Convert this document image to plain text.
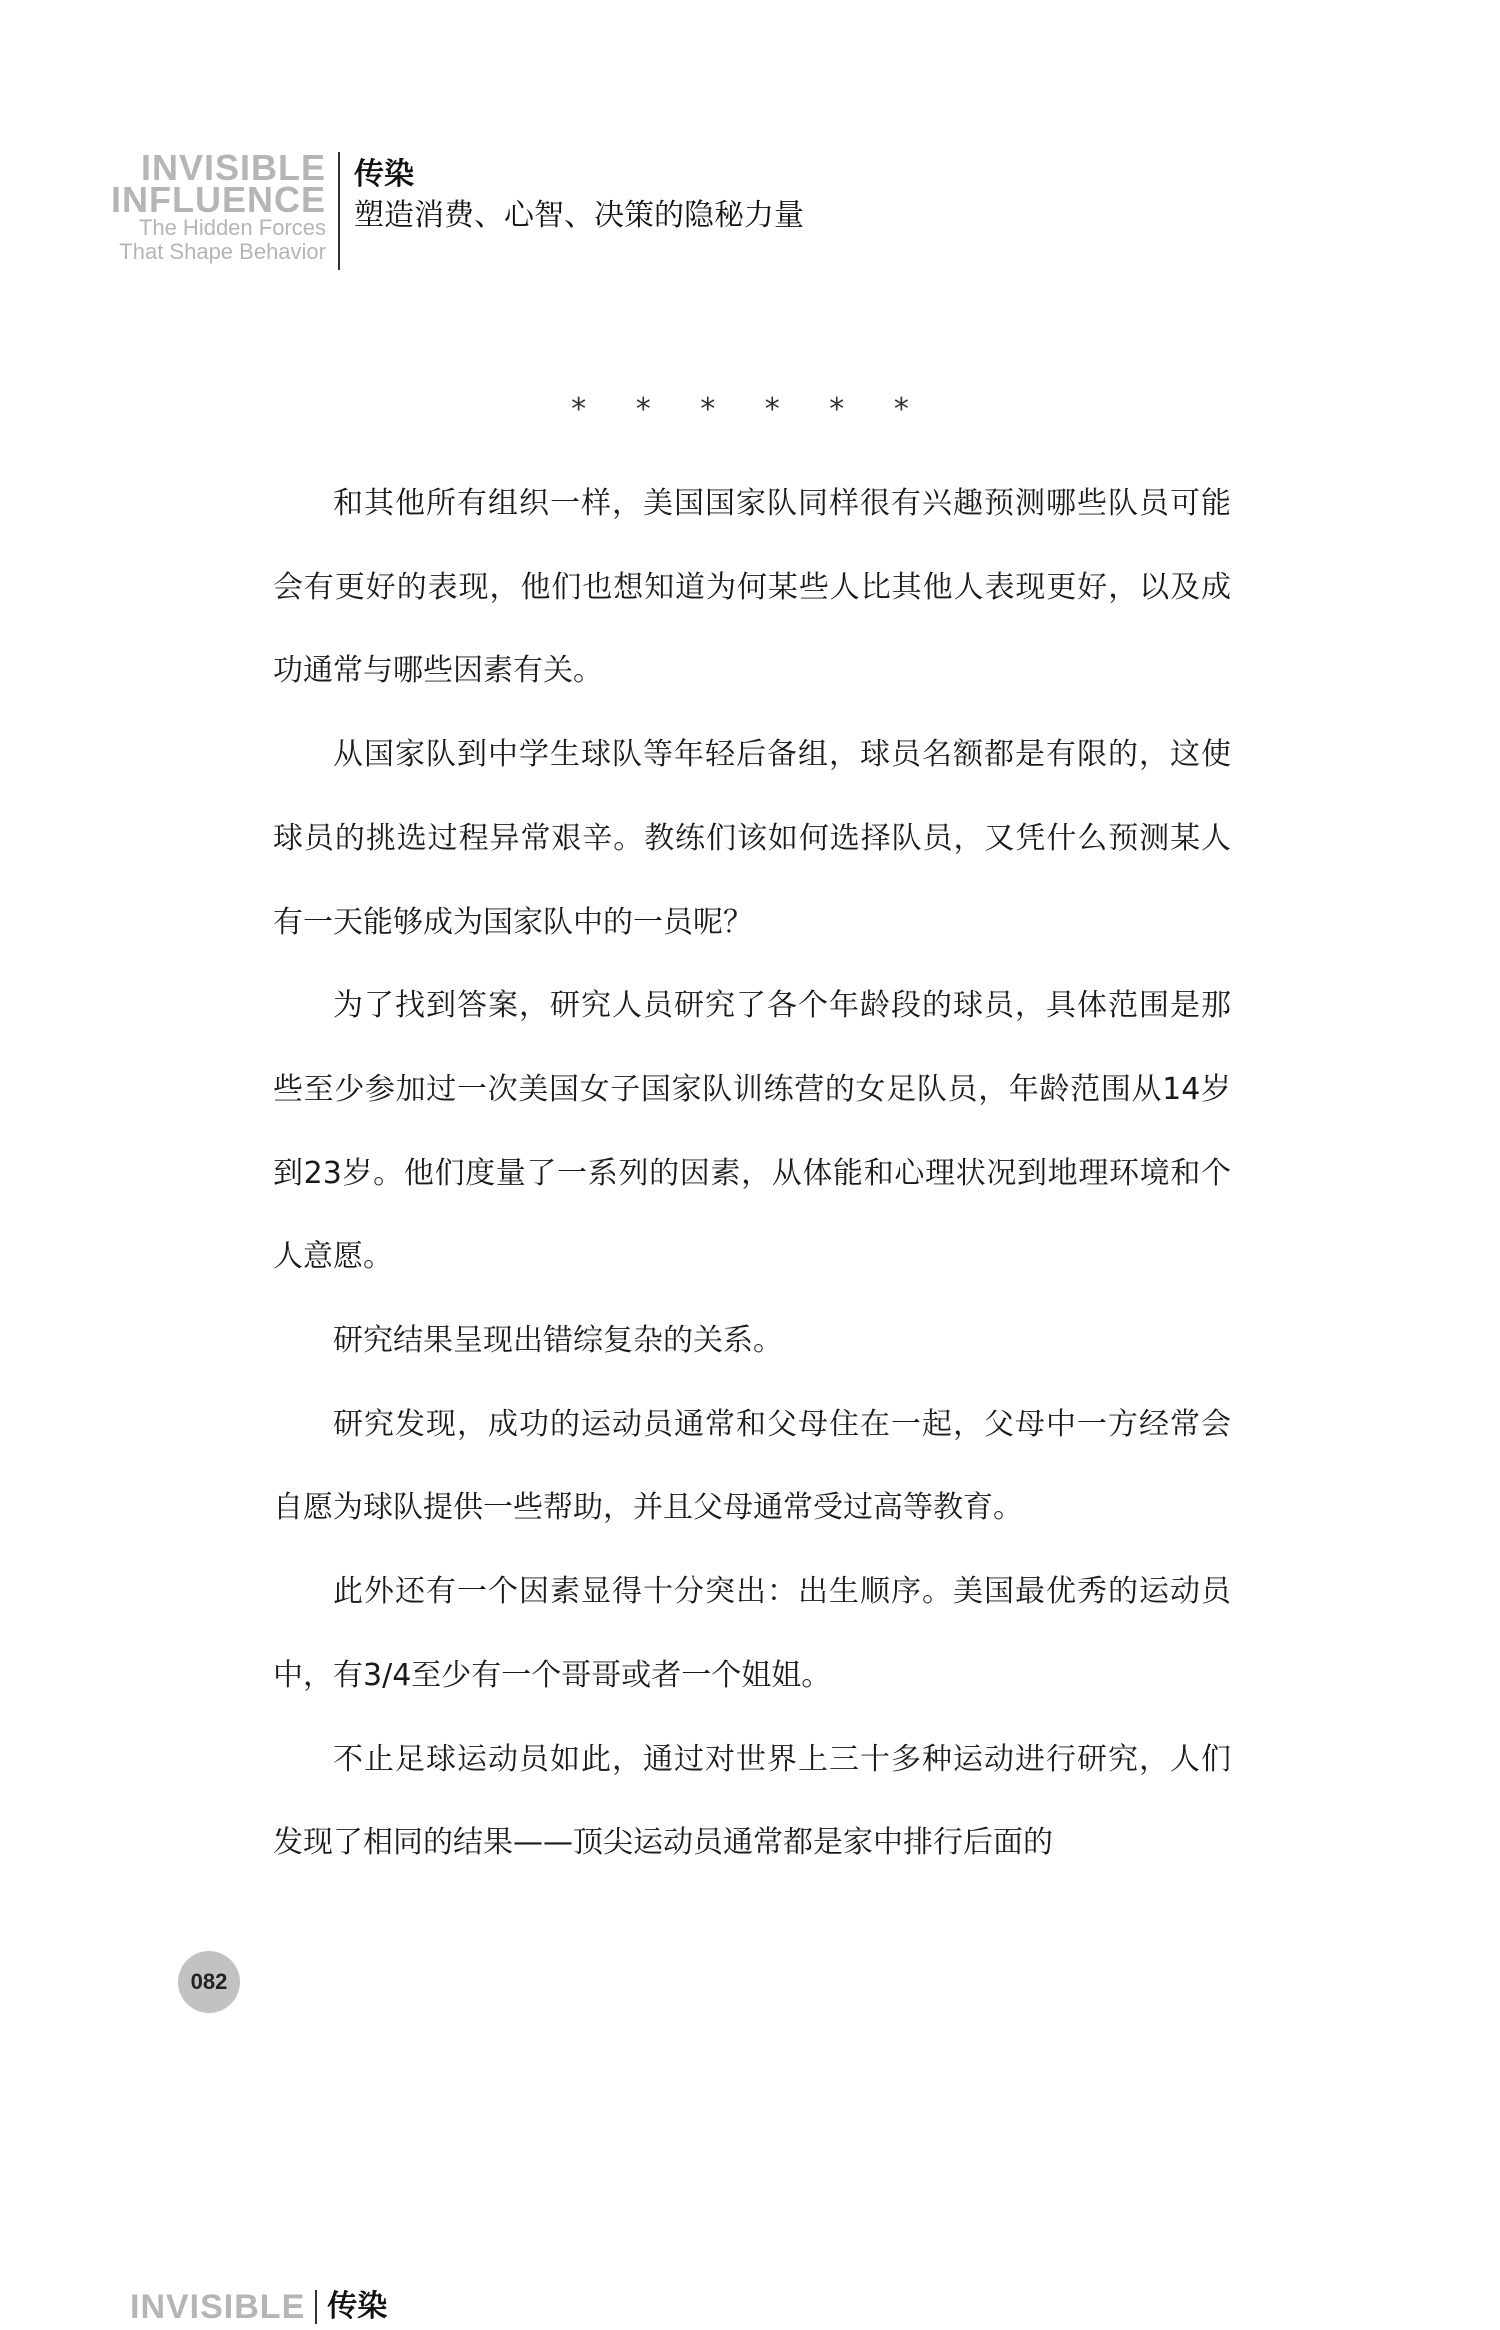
INVISIBLE
INFLUENCE
The Hidden Forces
That Shape Behavior
传染
塑造消费、心智、决策的隐秘力量
* * * * * *

和其他所有组织一样，美国国家队同样很有兴趣预测哪些队员可能会有更好的表现，他们也想知道为何某些人比其他人表现更好，以及成功通常与哪些因素有关。

从国家队到中学生球队等年轻后备组，球员名额都是有限的，这使球员的挑选过程异常艰辛。教练们该如何选择队员，又凭什么预测某人有一天能够成为国家队中的一员呢？

为了找到答案，研究人员研究了各个年龄段的球员，具体范围是那些至少参加过一次美国女子国家队训练营的女足队员，年龄范围从14岁到23岁。他们度量了一系列的因素，从体能和心理状况到地理环境和个人意愿。

研究结果呈现出错综复杂的关系。

研究发现，成功的运动员通常和父母住在一起，父母中一方经常会自愿为球队提供一些帮助，并且父母通常受过高等教育。

此外还有一个因素显得十分突出：出生顺序。美国最优秀的运动员中，有3/4至少有一个哥哥或者一个姐姐。

不止足球运动员如此，通过对世界上三十多种运动进行研究，人们发现了相同的结果——顶尖运动员通常都是家中排行后面的

082
INVISIBLE 传染
